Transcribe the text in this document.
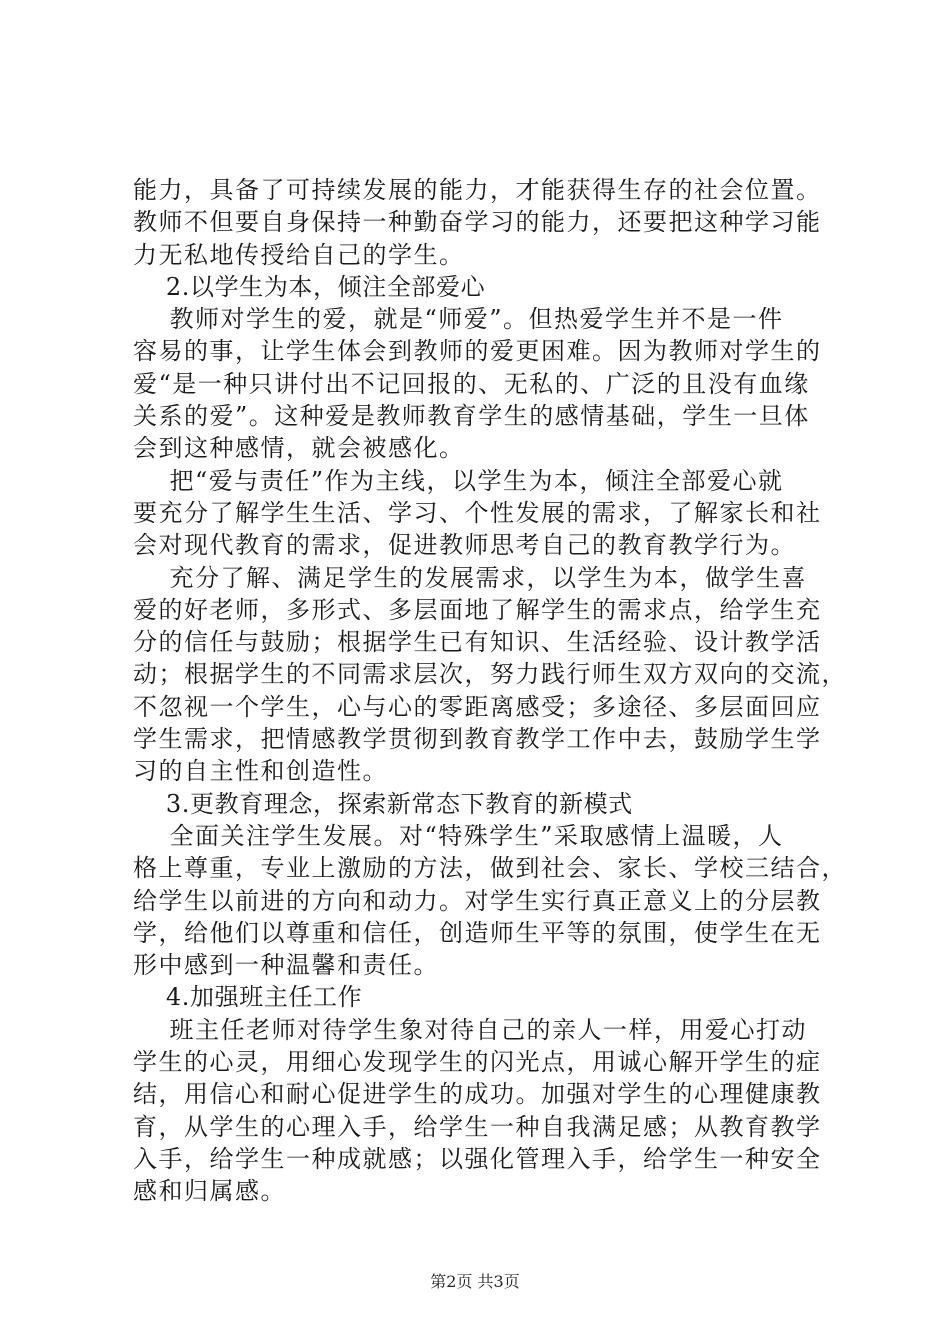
能力，具备了可持续发展的能力，才能获得生存的社会位置。
教师不但要自身保持一种勤奋学习的能力，还要把这种学习能
力无私地传授给自己的学生。
2.以学生为本，倾注全部爱心
教师对学生的爱，就是“师爱”。但热爱学生并不是一件
容易的事，让学生体会到教师的爱更困难。因为教师对学生的
爱“是一种只讲付出不记回报的、无私的、广泛的且没有血缘
关系的爱”。这种爱是教师教育学生的感情基础，学生一旦体
会到这种感情，就会被感化。
把“爱与责任”作为主线，以学生为本，倾注全部爱心就
要充分了解学生生活、学习、个性发展的需求，了解家长和社
会对现代教育的需求，促进教师思考自己的教育教学行为。
充分了解、满足学生的发展需求，以学生为本，做学生喜
爱的好老师，多形式、多层面地了解学生的需求点，给学生充
分的信任与鼓励；根据学生已有知识、生活经验、设计教学活
动；根据学生的不同需求层次，努力践行师生双方双向的交流，
不忽视一个学生，心与心的零距离感受；多途径、多层面回应
学生需求，把情感教学贯彻到教育教学工作中去，鼓励学生学
习的自主性和创造性。
3.更教育理念，探索新常态下教育的新模式
全面关注学生发展。对“特殊学生”采取感情上温暖，人
格上尊重，专业上激励的方法，做到社会、家长、学校三结合，
给学生以前进的方向和动力。对学生实行真正意义上的分层教
学，给他们以尊重和信任，创造师生平等的氛围，使学生在无
形中感到一种温馨和责任。
4.加强班主任工作
班主任老师对待学生象对待自己的亲人一样，用爱心打动
学生的心灵，用细心发现学生的闪光点，用诚心解开学生的症
结，用信心和耐心促进学生的成功。加强对学生的心理健康教
育，从学生的心理入手，给学生一种自我满足感；从教育教学
入手，给学生一种成就感；以强化管理入手，给学生一种安全
感和归属感。
第2页 共3页
